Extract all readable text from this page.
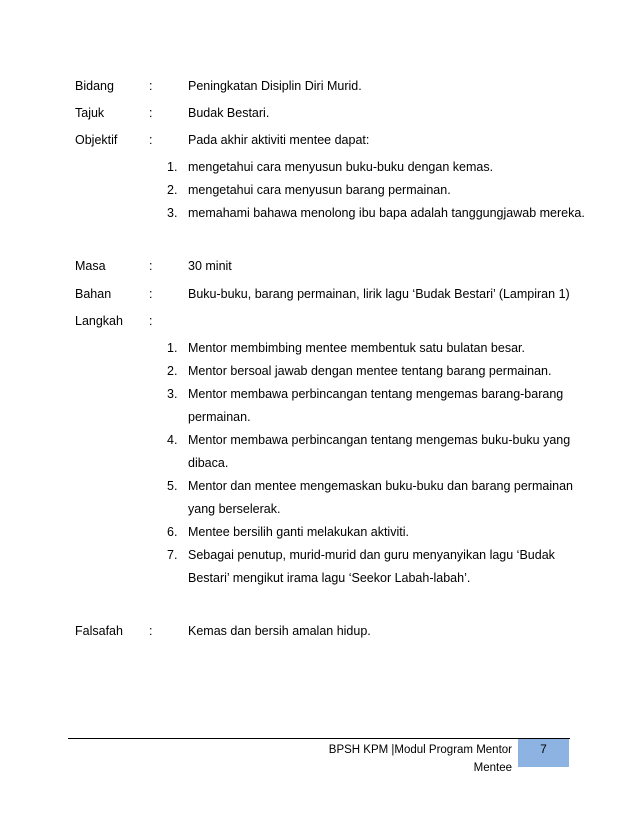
Bidang	:	Peningkatan Disiplin Diri Murid.
Tajuk	:	Budak Bestari.
Objektif	:	Pada akhir aktiviti mentee dapat:
1. mengetahui cara menyusun buku-buku dengan kemas.
2. mengetahui cara menyusun barang permainan.
3. memahami bahawa menolong ibu bapa adalah tanggungjawab mereka.
Masa	:	30 minit
Bahan	:	Buku-buku, barang permainan, lirik lagu ‘Budak Bestari’ (Lampiran 1)
Langkah :
1. Mentor membimbing mentee membentuk satu bulatan besar.
2. Mentor bersoal jawab dengan mentee tentang barang permainan.
3. Mentor membawa perbincangan tentang mengemas barang-barang
permainan.
4. Mentor membawa perbincangan tentang mengemas buku-buku yang
dibaca.
5. Mentor dan mentee mengemaskan buku-buku dan barang permainan
yang berselerak.
6. Mentee bersilih ganti melakukan aktiviti.
7. Sebagai penutup, murid-murid dan guru menyanyikan lagu ‘Budak
Bestari’ mengikut irama lagu ‘Seekor Labah-labah’.
Falsafah :	Kemas dan bersih amalan hidup.
BPSH KPM |Modul Program Mentor Mentee
7
